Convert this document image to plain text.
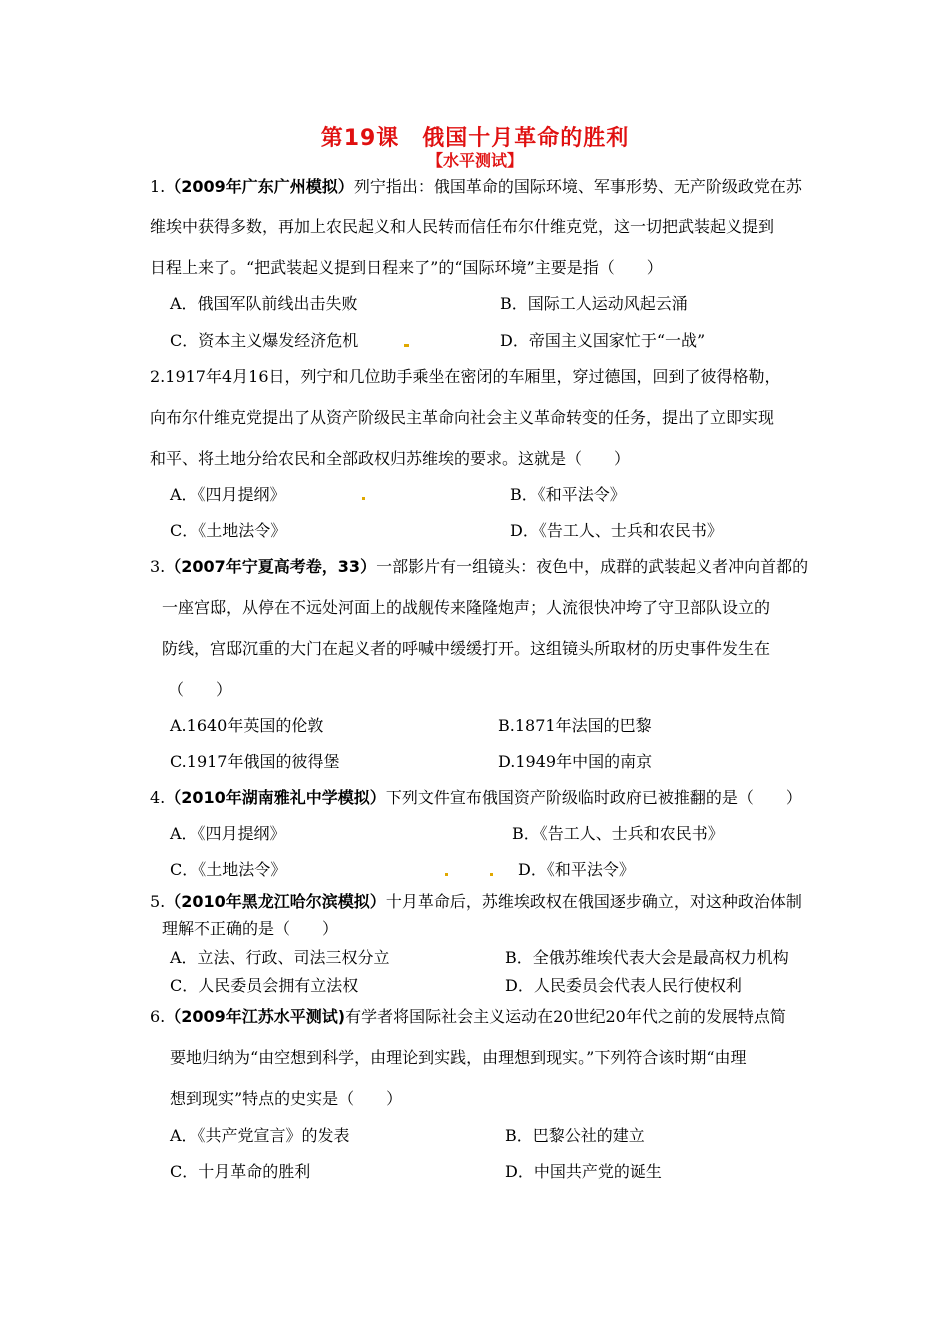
第19课　俄国十月革命的胜利
【水平测试】
1.（2009年广东广州模拟）列宁指出：俄国革命的国际环境、军事形势、无产阶级政党在苏
维埃中获得多数，再加上农民起义和人民转而信任布尔什维克党，这一切把武装起义提到
日程上来了。“把武装起义提到日程来了”的“国际环境”主要是指（　　）
A．俄国军队前线出击失败	B．国际工人运动风起云涌
C．资本主义爆发经济危机	D．帝国主义国家忙于“一战”
2.1917年4月16日，列宁和几位助手乘坐在密闭的车厢里，穿过德国，回到了彼得格勒，
向布尔什维克党提出了从资产阶级民主革命向社会主义革命转变的任务，提出了立即实现
和平、将土地分给农民和全部政权归苏维埃的要求。这就是（　　）
A．《四月提纲》	B．《和平法令》
C．《土地法令》	D．《告工人、士兵和农民书》
3.（2007年宁夏高考卷，33）一部影片有一组镜头：夜色中，成群的武装起义者冲向首都的
一座宫邸，从停在不远处河面上的战舰传来隆隆炮声；人流很快冲垮了守卫部队设立的
防线，宫邸沉重的大门在起义者的呼喊中缓缓打开。这组镜头所取材的历史事件发生在
（　　）
A.1640年英国的伦敦	B.1871年法国的巴黎
C.1917年俄国的彼得堡	D.1949年中国的南京
4.（2010年湖南雅礼中学模拟）下列文件宣布俄国资产阶级临时政府已被推翻的是（　　）
A．《四月提纲》	B．《告工人、士兵和农民书》
C．《土地法令》	D．《和平法令》
5.（2010年黑龙江哈尔滨模拟）十月革命后，苏维埃政权在俄国逐步确立，对这种政治体制
理解不正确的是（　　）
A．立法、行政、司法三权分立	B．全俄苏维埃代表大会是最高权力机构
C．人民委员会拥有立法权	D．人民委员会代表人民行使权利
6.（2009年江苏水平测试)有学者将国际社会主义运动在20世纪20年代之前的发展特点简
要地归纳为“由空想到科学，由理论到实践，由理想到现实。”下列符合该时期“由理
想到现实”特点的史实是（　　）
A．《共产党宣言》的发表	B．巴黎公社的建立
C．十月革命的胜利	D．中国共产党的诞生
